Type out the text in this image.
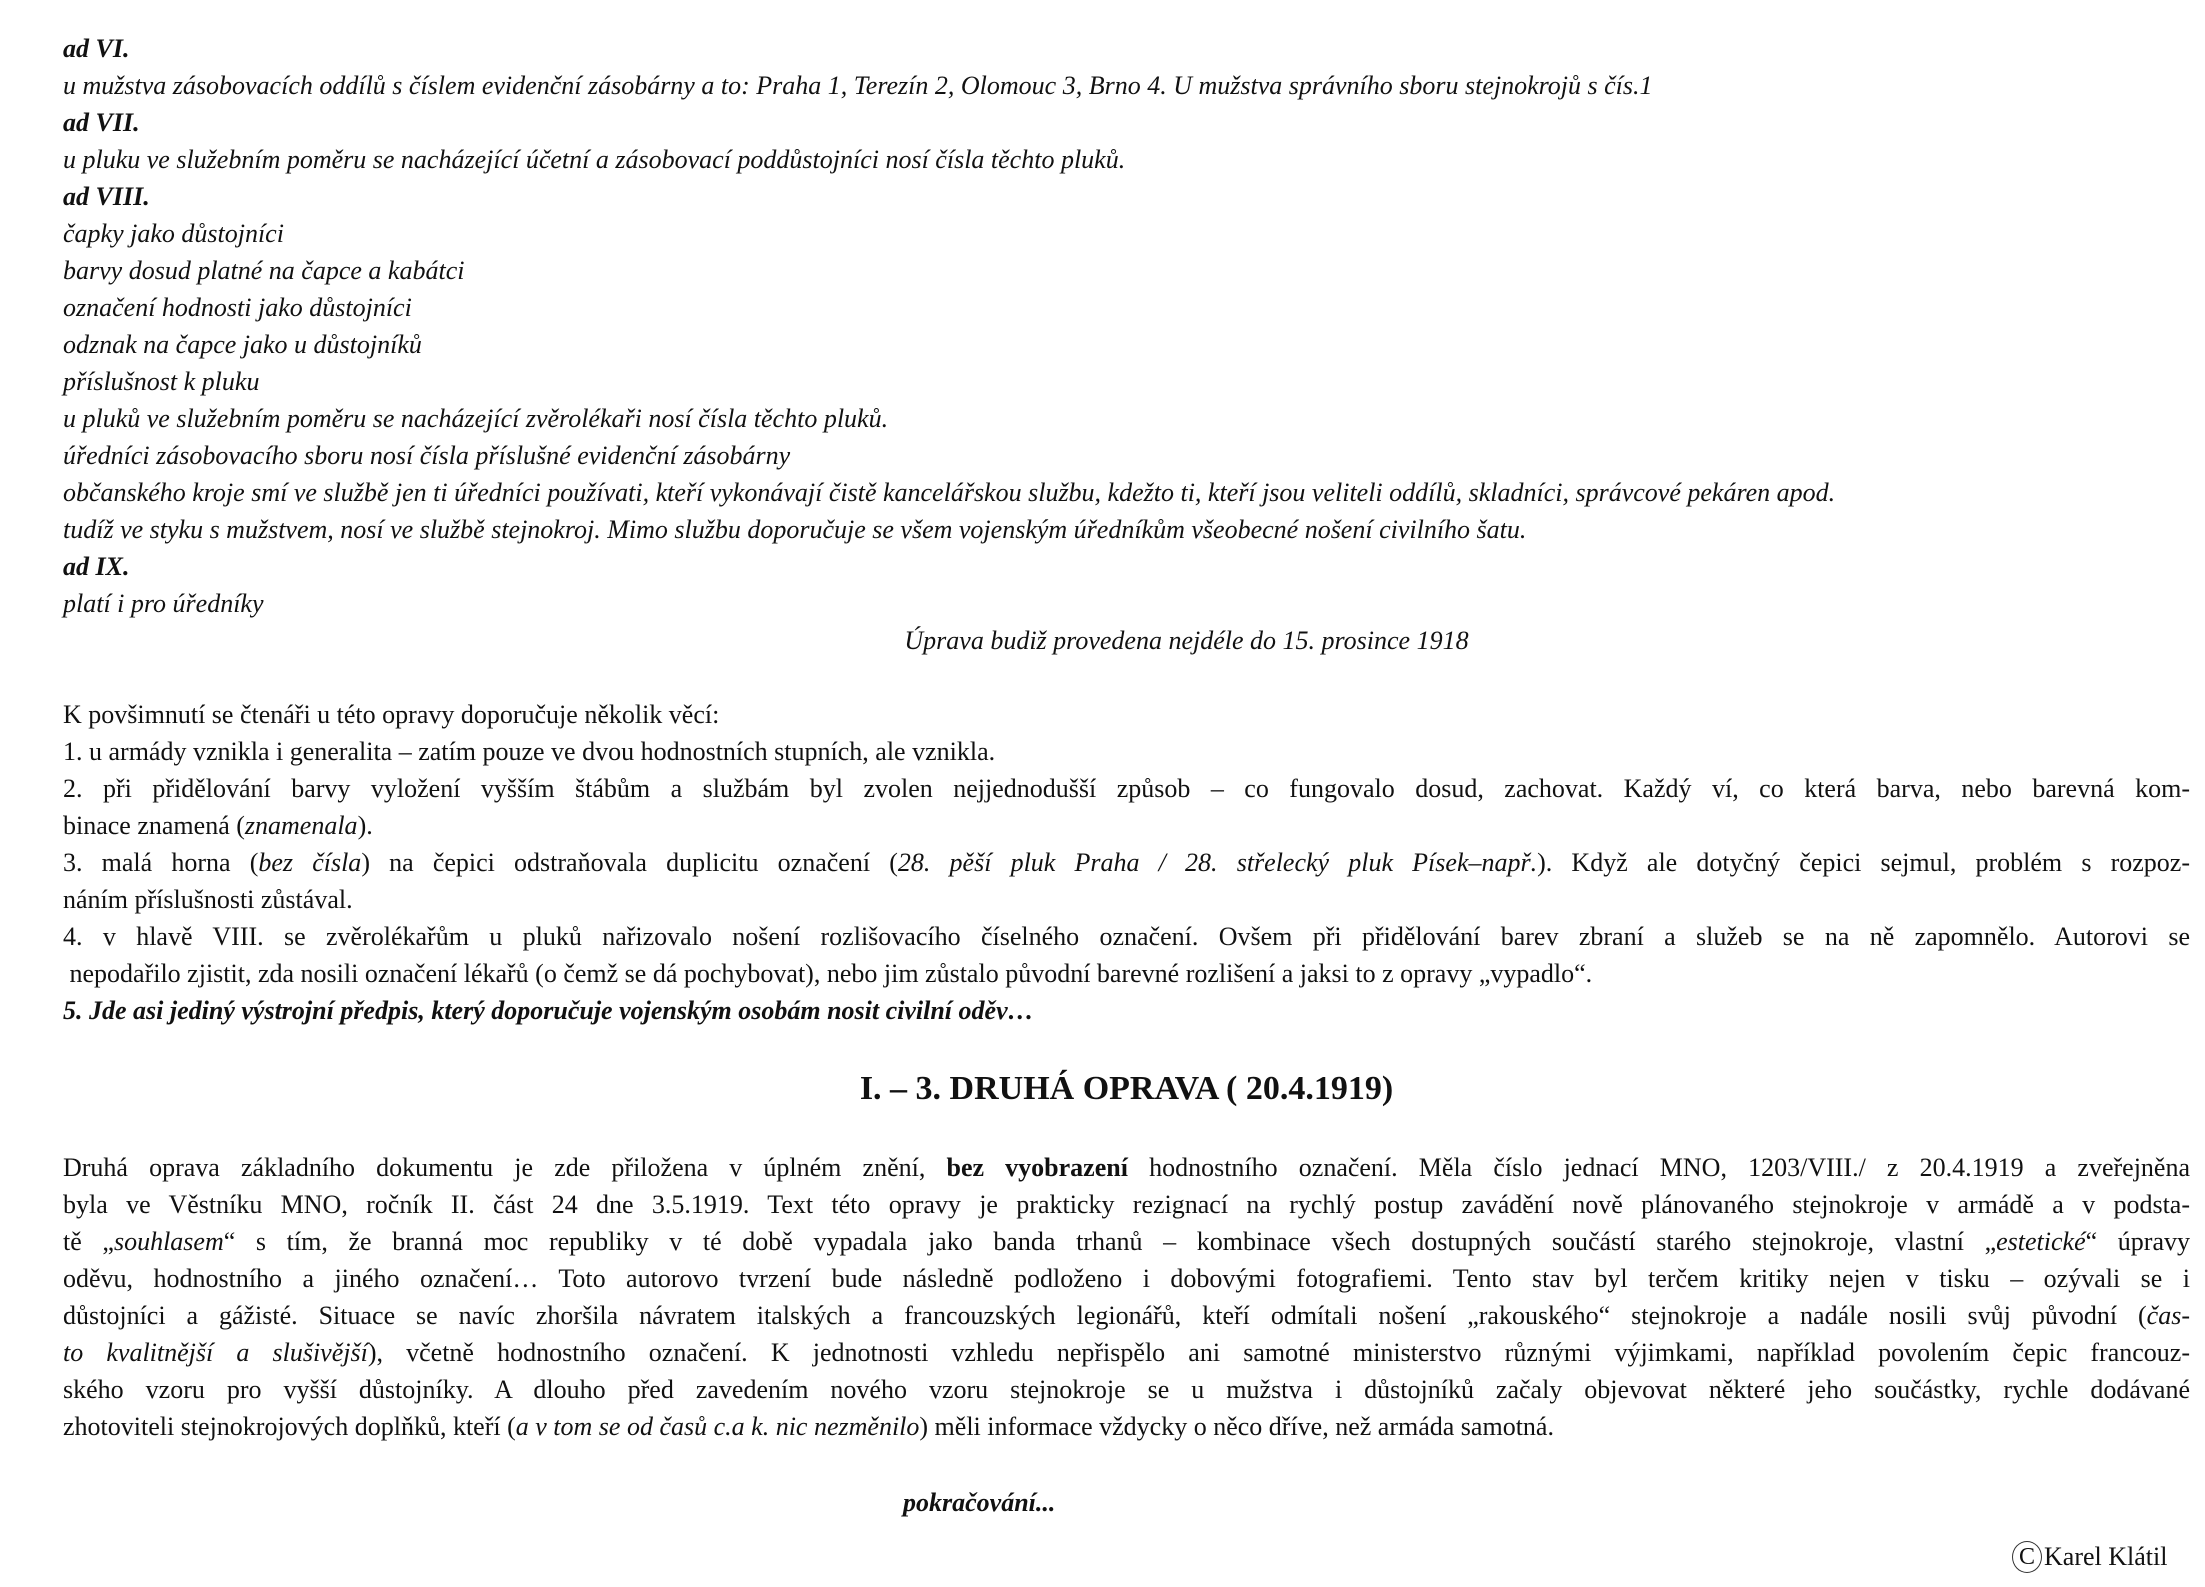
ad VI.
u mužstva zásobovacích oddílů s číslem evidenční zásobárny a to: Praha 1, Terezín 2, Olomouc 3, Brno 4. U mužstva správního sboru stejnokrojů s čís.1
ad VII.
u pluku ve služebním poměru se nacházející účetní a zásobovací poddůstojníci nosí čísla těchto pluků.
ad VIII.
čapky jako důstojníci
barvy dosud platné na čapce a kabátci
označení hodnosti jako důstojníci
odznak na čapce jako u důstojníků
příslušnost k pluku
u pluků ve služebním poměru se nacházející zvěrolékaři nosí čísla těchto pluků.
úředníci zásobovacího sboru nosí čísla příslušné evidenční zásobárny
občanského kroje smí ve službě jen ti úředníci používati, kteří vykonávají čistě kancelářskou službu, kdežto ti, kteří jsou veliteli oddílů, skladníci, správcové pekáren apod.
tudíž ve styku s mužstvem, nosí ve službě stejnokroj. Mimo službu doporučuje se všem vojenským úředníkům všeobecné nošení civilního šatu.
ad IX.
platí i pro úředníky
Úprava budiž provedena nejdéle do 15. prosince 1918
K povšimnutí se čtenáři u této opravy doporučuje několik věcí:
1. u armády vznikla i generalita – zatím pouze ve dvou hodnostních stupních, ale vznikla.
2. při přidělování barvy vyložení vyšším štábům a službám byl zvolen nejjednodušší způsob – co fungovalo dosud, zachovat. Každý ví, co která barva, nebo barevná kom-
binace znamená (znamenala).
3. malá horna (bez čísla) na čepici odstraňovala duplicitu označení (28. pěší pluk Praha / 28. střelecký pluk Písek–např.). Když ale dotyčný čepici sejmul, problém s rozpoz-
náním příslušnosti zůstával.
4. v hlavě VIII. se zvěrolékařům u pluků nařizovalo nošení rozlišovacího číselného označení. Ovšem při přidělování barev zbraní a služeb se na ně zapomnělo. Autorovi se
nepodařilo zjistit, zda nosili označení lékařů (o čemž se dá pochybovat), nebo jim zůstalo původní barevné rozlišení a jaksi to z opravy „vypadlo“.
5. Jde asi jediný výstrojní předpis, který doporučuje vojenským osobám nosit civilní oděv…
I. – 3. DRUHÁ OPRAVA ( 20.4.1919)
Druhá oprava základního dokumentu je zde přiložena v úplném znění, bez vyobrazení hodnostního označení. Měla číslo jednací MNO, 1203/VIII./ z 20.4.1919 a zveřejněna
byla ve Věstníku MNO, ročník II. část 24 dne 3.5.1919. Text této opravy je prakticky rezignací na rychlý postup zavádění nově plánovaného stejnokroje v armádě a v podsta-
tě „souhlasem“ s tím, že branná moc republiky v té době vypadala jako banda trhanů – kombinace všech dostupných součástí starého stejnokroje, vlastní „estetické“ úpravy
oděvu, hodnostního a jiného označení… Toto autorovo tvrzení bude následně podloženo i dobovými fotografiemi. Tento stav byl terčem kritiky nejen v tisku – ozývali se i
důstojníci a gážisté. Situace se navíc zhoršila návratem italských a francouzských legionářů, kteří odmítali nošení „rakouského“ stejnokroje a nadále nosili svůj původní (čas-
to kvalitnější a slušivější), včetně hodnostního označení. K jednotnosti vzhledu nepřispělo ani samotné ministerstvo různými výjimkami, například povolením čepic francouz-
ského vzoru pro vyšší důstojníky. A dlouho před zavedením nového vzoru stejnokroje se u mužstva i důstojníků začaly objevovat některé jeho součástky, rychle dodávané
zhotoviteli stejnokrojových doplňků, kteří (a v tom se od časů c.a k. nic nezměnilo) měli informace vždycky o něco dříve, než armáda samotná.
pokračování...
C Karel Klátil
